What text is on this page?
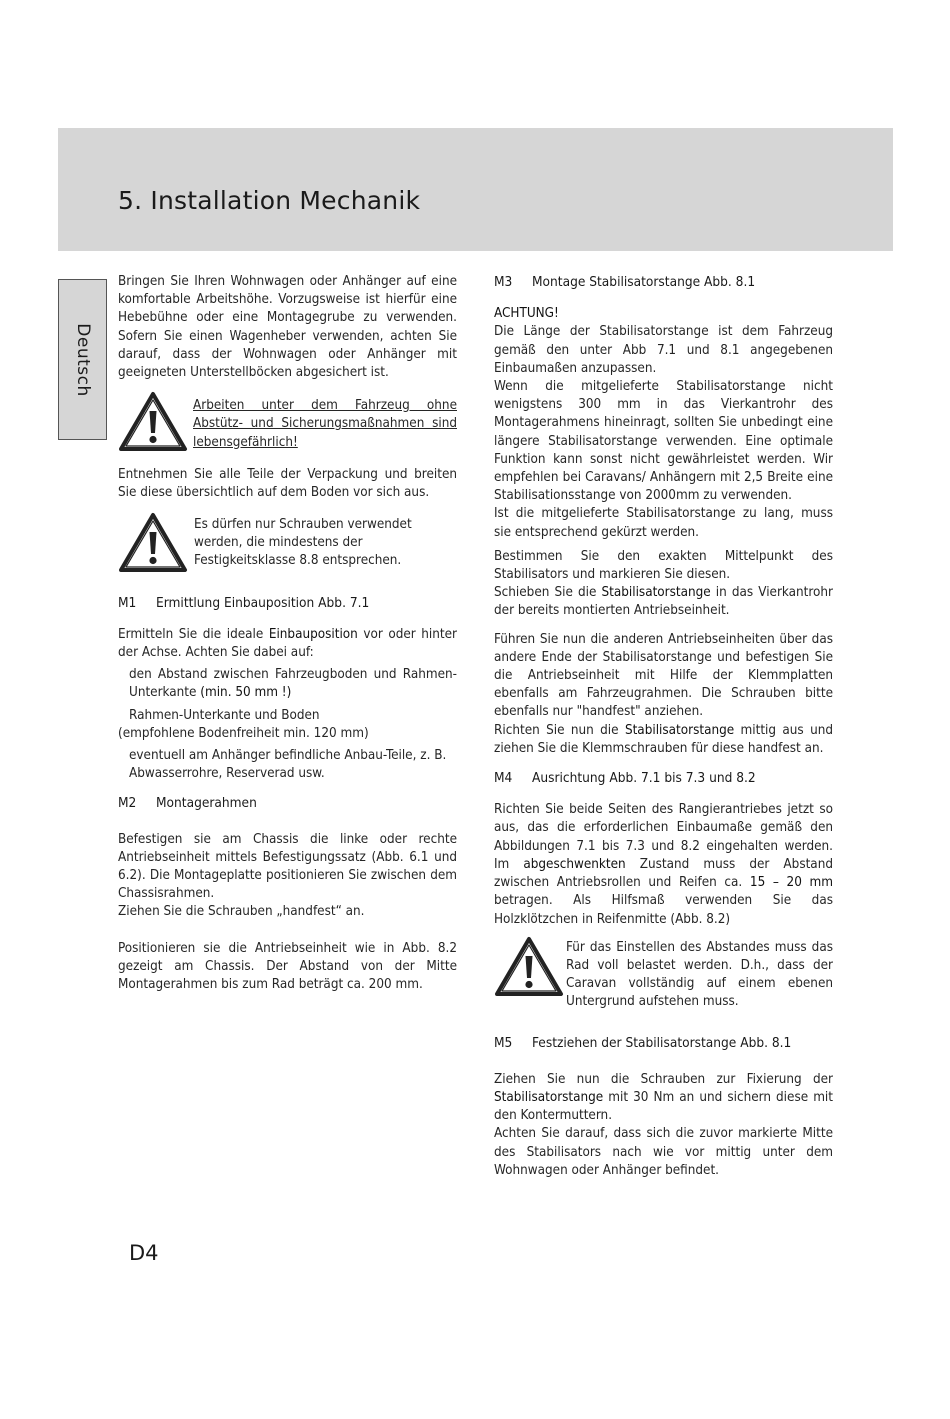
5. Installation Mechanik
Deutsch

Bringen Sie Ihren Wohnwagen oder Anhänger auf eine komfortable Arbeitshöhe. Vorzugsweise ist hierfür eine Hebebühne oder eine Montagegrube zu verwenden. Sofern Sie einen Wagenheber verwenden, achten Sie darauf, dass der Wohnwagen oder Anhänger mit geeigneten Unterstellböcken abgesichert ist.

Arbeiten unter dem Fahrzeug ohne Abstütz- und Sicherungsmaßnahmen sind lebensgefährlich!

Entnehmen Sie alle Teile der Verpackung und breiten Sie diese übersichtlich auf dem Boden vor sich aus.

Es dürfen nur Schrauben verwendet werden, die mindestens der Festigkeitsklasse 8.8 entsprechen.

M1 Ermittlung Einbauposition Abb. 7.1

Ermitteln Sie die ideale Einbauposition vor oder hinter der Achse. Achten Sie dabei auf:

den Abstand zwischen Fahrzeugboden und Rahmen-Unterkante (min. 50 mm !)

Rahmen-Unterkante und Boden

(empfohlene Bodenfreiheit min. 120 mm)

eventuell am Anhänger befindliche Anbau-Teile, z. B. Abwasserrohre, Reserverad usw.

M2 Montagerahmen

Befestigen sie am Chassis die linke oder rechte Antriebseinheit mittels Befestigungssatz (Abb. 6.1 und 6.2). Die Montageplatte positionieren Sie zwischen dem Chassisrahmen.

Ziehen Sie die Schrauben „handfest“ an.

Positionieren sie die Antriebseinheit wie in Abb. 8.2 gezeigt am Chassis. Der Abstand von der Mitte Montagerahmen bis zum Rad beträgt ca. 200 mm.

M3 Montage Stabilisatorstange Abb. 8.1

ACHTUNG!

Die Länge der Stabilisatorstange ist dem Fahrzeug gemäß den unter Abb 7.1 und 8.1 angegebenen Einbaumaßen anzupassen.

Wenn die mitgelieferte Stabilisatorstange nicht wenigstens 300 mm in das Vierkantrohr des Montagerahmens hineinragt, sollten Sie unbedingt eine längere Stabilisatorstange verwenden. Eine optimale Funktion kann sonst nicht gewährleistet werden. Wir empfehlen bei Caravans/ Anhängern mit 2,5 Breite eine Stabilisationsstange von 2000mm zu verwenden.

Ist die mitgelieferte Stabilisatorstange zu lang, muss sie entsprechend gekürzt werden.

Bestimmen Sie den exakten Mittelpunkt des Stabilisators und markieren Sie diesen.

Schieben Sie die Stabilisatorstange in das Vierkantrohr der bereits montierten Antriebseinheit.

Führen Sie nun die anderen Antriebseinheiten über das andere Ende der Stabilisatorstange und befestigen Sie die Antriebseinheit mit Hilfe der Klemmplatten ebenfalls am Fahrzeugrahmen. Die Schrauben bitte ebenfalls nur "handfest" anziehen.

Richten Sie nun die Stabilisatorstange mittig aus und ziehen Sie die Klemmschrauben für diese handfest an.

M4 Ausrichtung Abb. 7.1 bis 7.3 und 8.2

Richten Sie beide Seiten des Rangierantriebes jetzt so aus, das die erforderlichen Einbaumaße gemäß den Abbildungen 7.1 bis 7.3 und 8.2 eingehalten werden. Im abgeschwenkten Zustand muss der Abstand zwischen Antriebsrollen und Reifen ca. 15 – 20 mm betragen. Als Hilfsmaß verwenden Sie das Holzklötzchen in Reifenmitte (Abb. 8.2)

Für das Einstellen des Abstandes muss das Rad voll belastet werden. D.h., dass der Caravan vollständig auf einem ebenen Untergrund aufstehen muss.

M5 Festziehen der Stabilisatorstange Abb. 8.1

Ziehen Sie nun die Schrauben zur Fixierung der Stabilisatorstange mit 30 Nm an und sichern diese mit den Kontermuttern.

Achten Sie darauf, dass sich die zuvor markierte Mitte des Stabilisators nach wie vor mittig unter dem Wohnwagen oder Anhänger befindet.

D4
